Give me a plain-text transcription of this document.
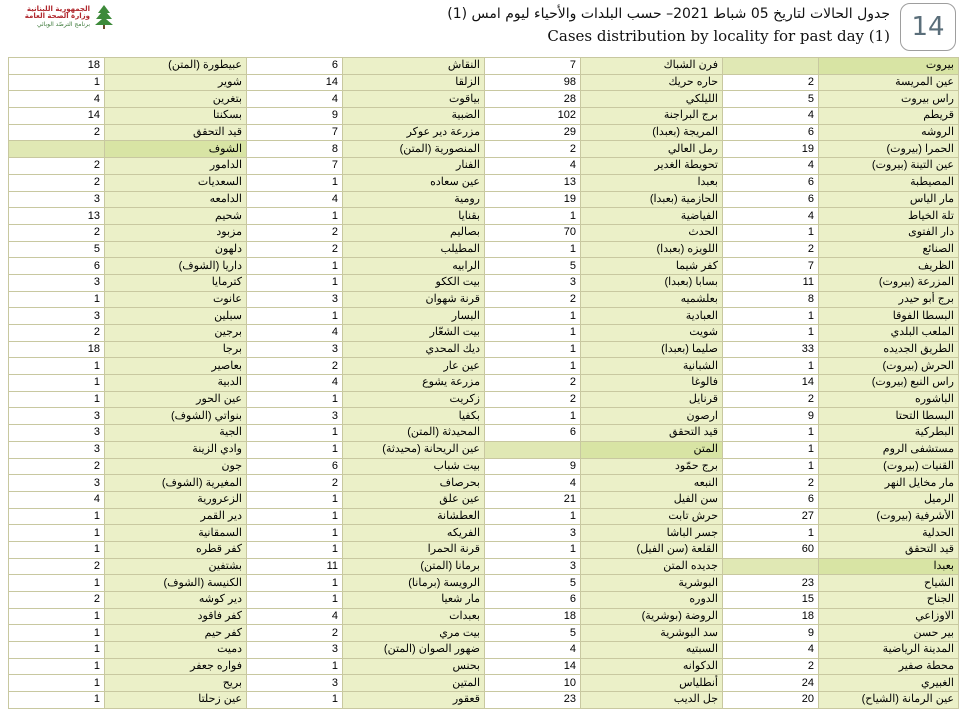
الجمهورية اللبنانية
وزارة الصحة العامة
برنامج الترصّد الوبائي
جدول الحالات لتاريخ 05 شباط 2021– حسب البلدات والأحياء ليوم امس (1)
Cases distribution by locality for past day (1) 14
18	عبيطورة (المتن)	6	النقاش	7	فرن الشباك		بيروت
1	شوير	14	الزلقا	98	حاره حريك	2	عين المريسة
4	بتغرين	4	بياقوت	28	الليلكي	5	راس بيروت
14	بسكنتا	9	الضبية	102	برج البراجنة	4	قريطم
2	قيد التحقق	7	مزرعة دير عوكر	29	المريجة (بعبدا)	6	الروشه
	الشوف	8	المنصورية (المتن)	2	رمل العالي	19	الحمرا (بيروت)
2	الدامور	7	الفنار	4	تحويطة الغدير	4	عين التينة (بيروت)
2	السعديات	1	عين سعاده	13	بعبدا	6	المصيطبة
3	الدامعه	4	رومية	19	الحازمية (بعبدا)	6	مار الياس
13	شحيم	1	بقنايا	1	الفياضية	4	تلة الخياط
2	مزبود	2	بصاليم	70	الحدث	1	دار الفتوى
5	دلهون	2	المطيلب	1	اللويزه (بعبدا)	2	الصنائع
6	داريا (الشوف)	1	الرابيه	5	كفر شيما	7	الظريف
3	كترمايا	1	بيت الككو	3	بسابا (بعبدا)	11	المزرعة (بيروت)
1	عانوت	3	قرنة شهوان	2	بعلشميه	8	برج أبو حيدر
3	سبلين	1	البسار	1	العبادية	1	البسطا الفوقا
2	برجين	4	بيت الشعّار	1	شويت	1	الملعب البلدي
18	برجا	3	ديك المحدي	1	صليما (بعبدا)	33	الطريق الجديده
1	بعاصير	2	عين عار	1	الشبانية	1	الحرش (بيروت)
1	الدبية	4	مزرعة يشوع	2	فالوغا	14	راس النبع (بيروت)
1	عين الحور	1	زكريت	2	قرنايل	2	الباشوره
3	بنواتي (الشوف)	3	بكفيا	1	ارصون	9	البسطا التحتا
3	الجية	1	المحيدثة (المتن)	6	قيد التحقق	1	البطركية
3	وادي الزينة	1	عين الريحانة (محيدثة)		المتن	1	مستشفى الروم
2	جون	6	بيت شباب	9	برج حمّود	1	القنيات (بيروت)
3	المغيرية (الشوف)	2	بحرصاف	4	النبعه	2	مار مخايل النهر
4	الزعرورية	1	عين علق	21	سن الفيل	6	الرميل
1	دير القمر	1	العطشانة	1	حرش تابت	27	الأشرفية (بيروت)
1	السمقانية	1	الفريكه	3	جسر الباشا	1	الحدلية
1	كفر قطره	1	قرنة الحمرا	1	القلعة (سن الفيل)	60	قيد التحقق
2	بشتفين	11	برمانا (المتن)	3	جديده المتن		بعبدا
1	الكنيسة (الشوف)	1	الرويسة (برمانا)	5	البوشرية	23	الشياح
2	دير كوشه	1	مار شعيا	6	الدوره	15	الجناح
1	كفر فاقود	4	بعبدات	18	الروضة (بوشرية)	18	الاوزاعي
1	كفر حيم	2	بيت مري	5	سد البوشرية	9	بير حسن
1	دميت	3	ضهور الصوان (المتن)	4	السبتيه	4	المدينة الرياضية
1	فواره جعفر	1	بحنس	14	الدكوانه	2	محطة صفير
1	بريح	3	المتين	10	أنطلياس	24	الغبيري
1	عين زحلتا	1	قعقور	23	جل الديب	20	عين الرمانة (الشياح)
